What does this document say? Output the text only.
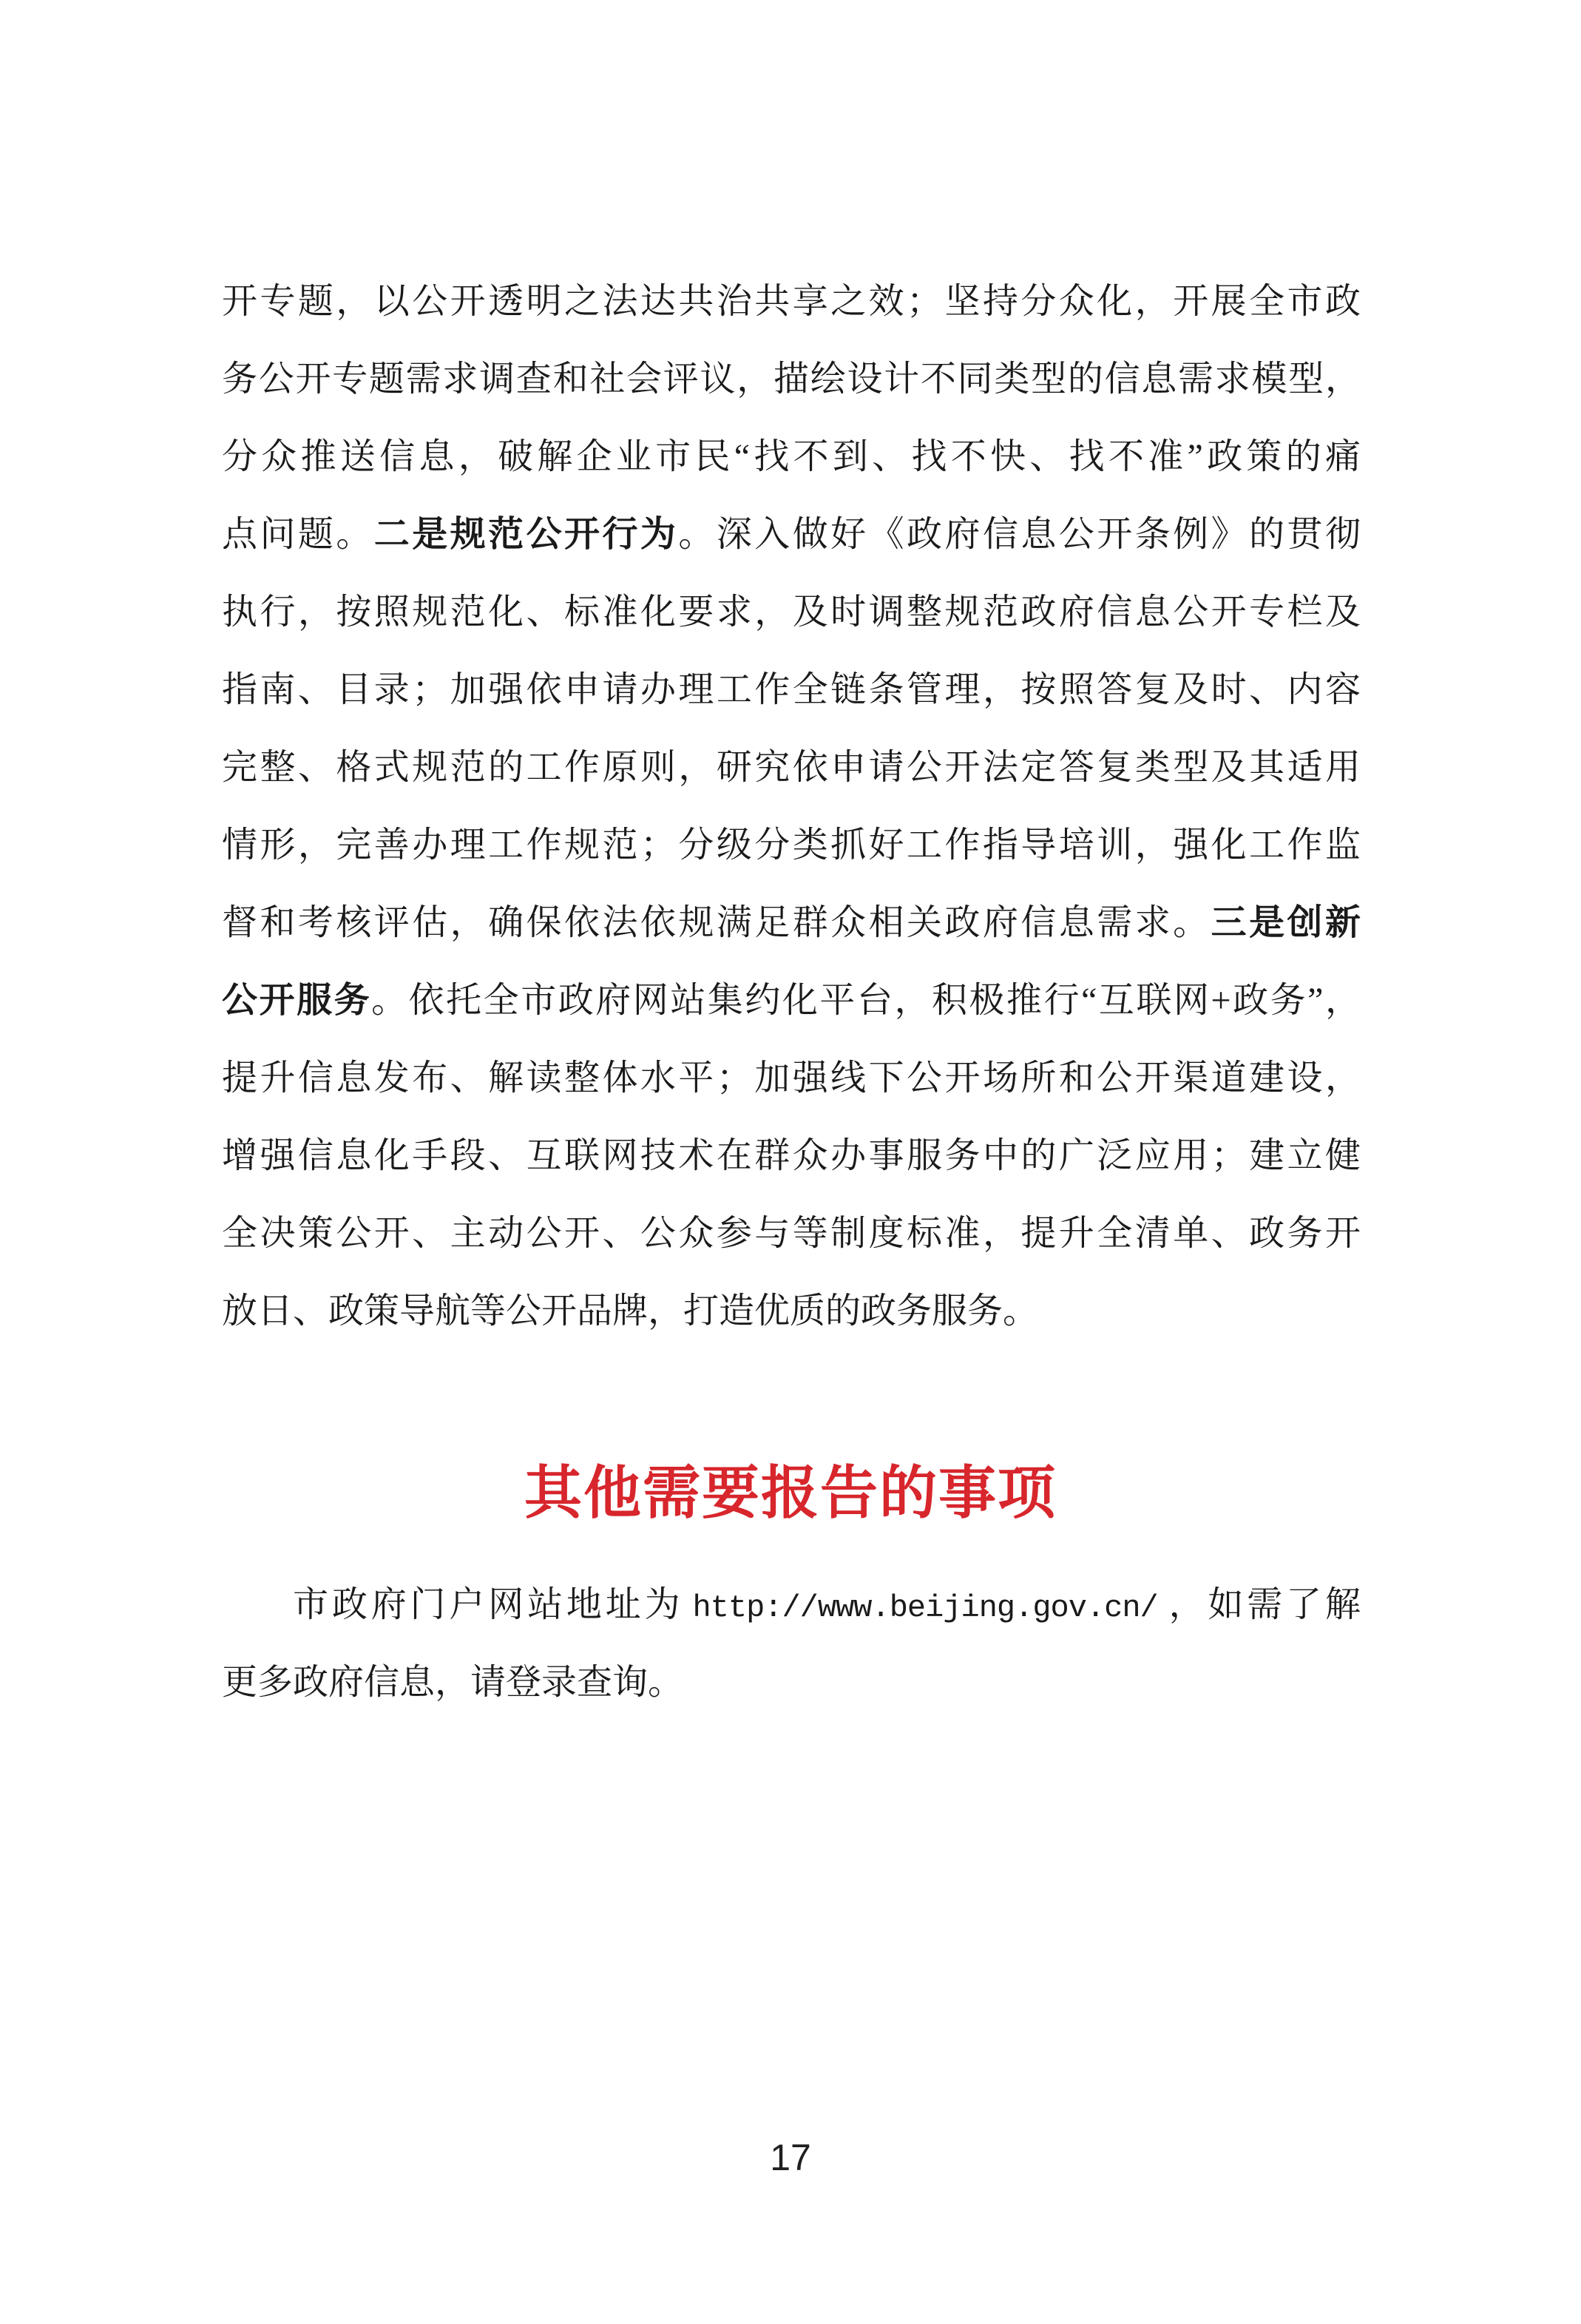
开专题，以公开透明之法达共治共享之效；坚持分众化，开展全市政
务公开专题需求调查和社会评议，描绘设计不同类型的信息需求模型，
分众推送信息，破解企业市民“找不到、找不快、找不准”政策的痛
点问题。二是规范公开行为。深入做好《政府信息公开条例》的贯彻
执行，按照规范化、标准化要求，及时调整规范政府信息公开专栏及
指南、目录；加强依申请办理工作全链条管理，按照答复及时、内容
完整、格式规范的工作原则，研究依申请公开法定答复类型及其适用
情形，完善办理工作规范；分级分类抓好工作指导培训，强化工作监
督和考核评估，确保依法依规满足群众相关政府信息需求。三是创新
公开服务。依托全市政府网站集约化平台，积极推行“互联网+政务”，
提升信息发布、解读整体水平；加强线下公开场所和公开渠道建设，
增强信息化手段、互联网技术在群众办事服务中的广泛应用；建立健
全决策公开、主动公开、公众参与等制度标准，提升全清单、政务开
放日、政策导航等公开品牌，打造优质的政务服务。
其他需要报告的事项
市政府门户网站地址为 http://www.beijing.gov.cn/ ，如需了解
更多政府信息，请登录查询。
17
